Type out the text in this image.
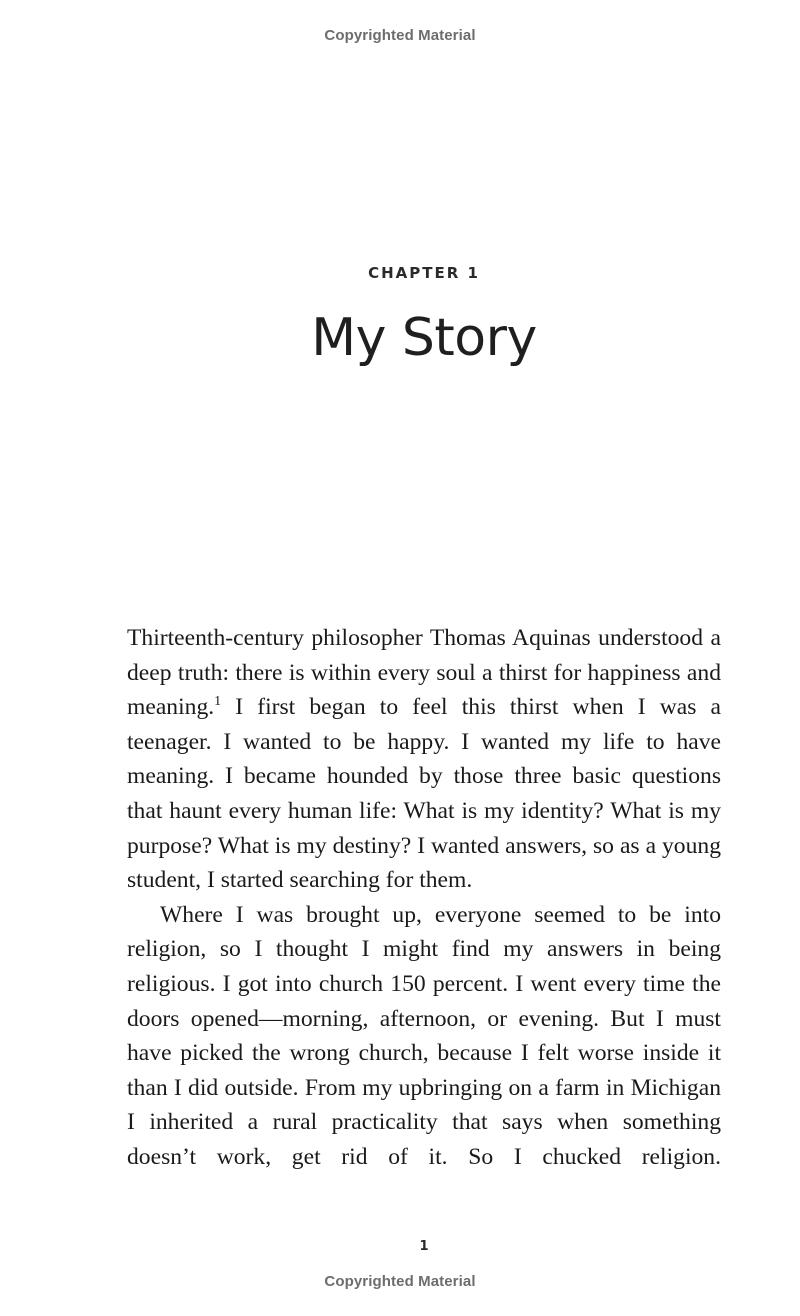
Copyrighted Material
CHAPTER 1
My Story

Thirteenth-century philosopher Thomas Aquinas understood a deep truth: there is within every soul a thirst for happiness and meaning.$^1$ I first began to feel this thirst when I was a teenager. I wanted to be happy. I wanted my life to have meaning. I became hounded by those three basic questions that haunt every human life: What is my identity? What is my purpose? What is my destiny? I wanted answers, so as a young student, I started searching for them.

Where I was brought up, everyone seemed to be into religion, so I thought I might find my answers in being religious. I got into church 150 percent. I went every time the doors opened—morning, afternoon, or evening. But I must have picked the wrong church, because I felt worse inside it than I did outside. From my upbringing on a farm in Michigan I inherited a rural practicality that says when something doesn’t work, get rid of it. So I chucked religion.

1
Copyrighted Material
